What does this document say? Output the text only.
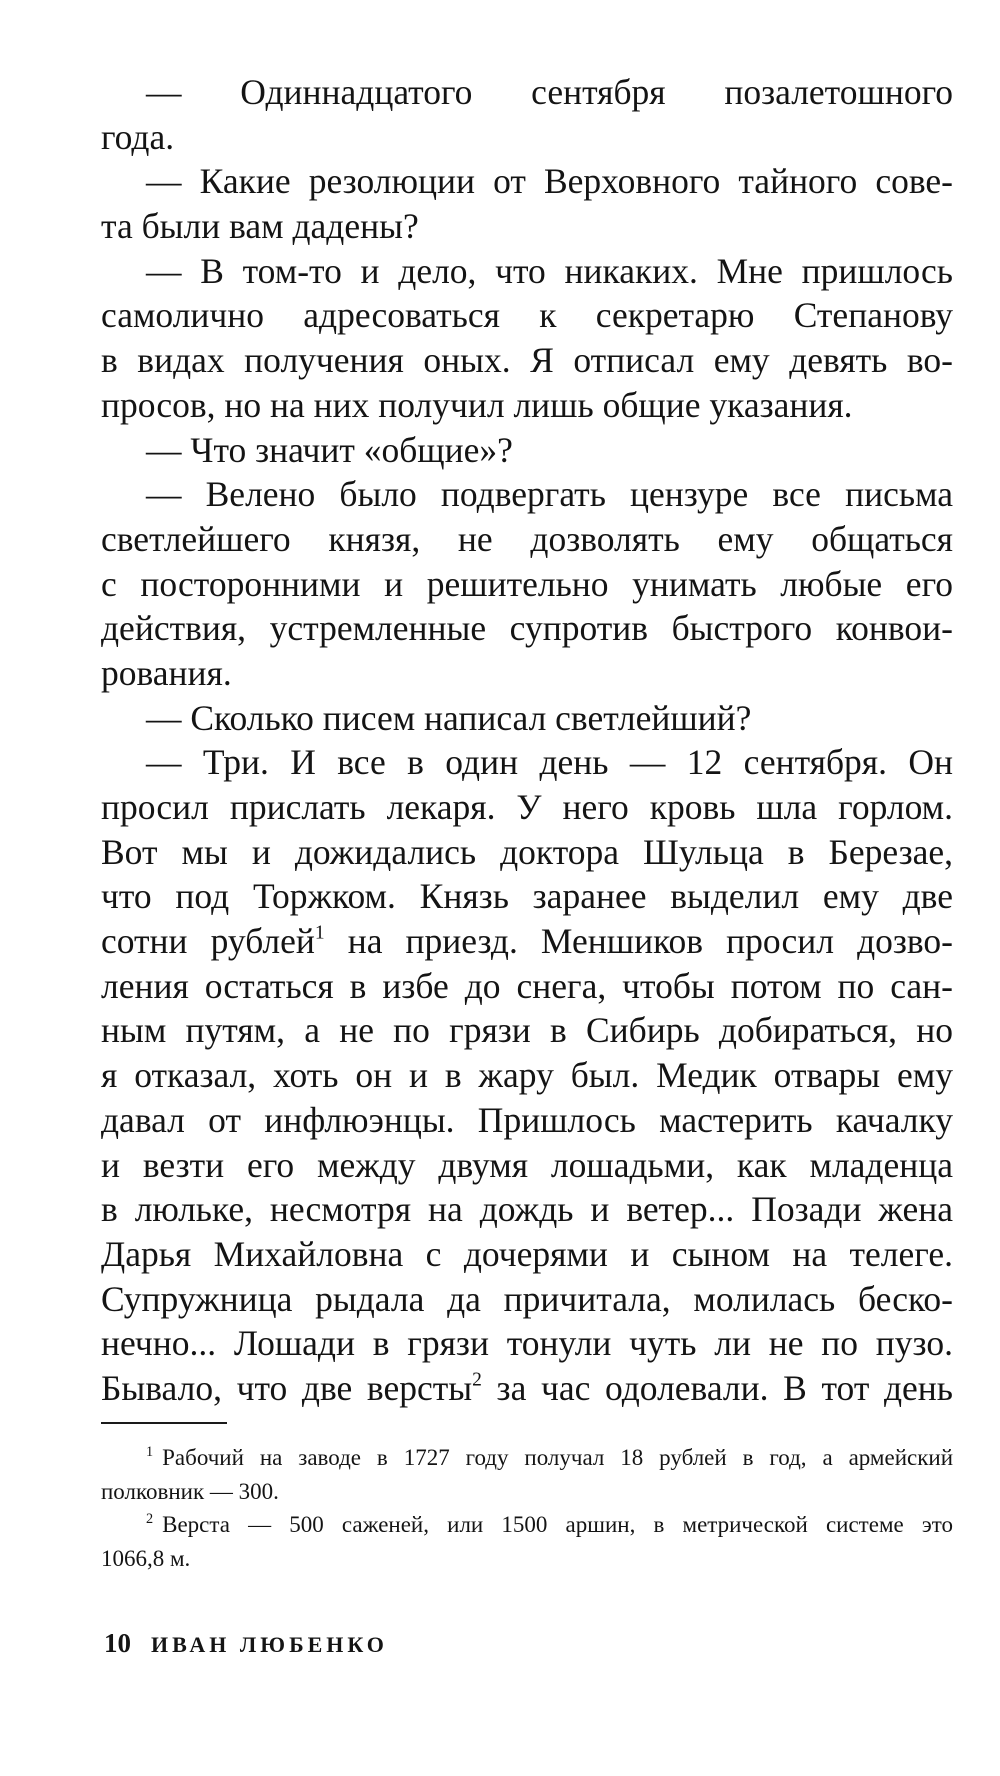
— Одиннадцатого сентября позалетошного
года.
— Какие резолюции от Верховного тайного сове-
та были вам дадены?
— В том-то и дело, что никаких. Мне пришлось
самолично адресоваться к секретарю Степанову
в видах получения оных. Я отписал ему девять во-
просов, но на них получил лишь общие указания.
— Что значит «общие»?
— Велено было подвергать цензуре все письма
светлейшего князя, не дозволять ему общаться
с посторонними и решительно унимать любые его
действия, устремленные супротив быстрого конвои-
рования.
— Сколько писем написал светлейший?
— Три. И все в один день — 12 сентября. Он
просил прислать лекаря. У него кровь шла горлом.
Вот мы и дожидались доктора Шульца в Березае,
что под Торжком. Князь заранее выделил ему две
сотни рублей$^1$ на приезд. Меншиков просил дозво-
ления остаться в избе до снега, чтобы потом по сан-
ным путям, а не по грязи в Сибирь добираться, но
я отказал, хоть он и в жару был. Медик отвары ему
давал от инфлюэнцы. Пришлось мастерить качалку
и везти его между двумя лошадьми, как младенца
в люльке, несмотря на дождь и ветер... Позади жена
Дарья Михайловна с дочерями и сыном на телеге.
Супружница рыдала да причитала, молилась беско-
нечно... Лошади в грязи тонули чуть ли не по пузо.
Бывало, что две версты$^2$ за час одолевали. В тот день
$^1$ Рабочий на заводе в 1727 году получал 18 рублей в год, а армейский
полковник — 300.
$^2$ Верста — 500 саженей, или 1500 аршин, в метрической системе это
1066,8 м.
10 ИВАН ЛЮБЕНКО
